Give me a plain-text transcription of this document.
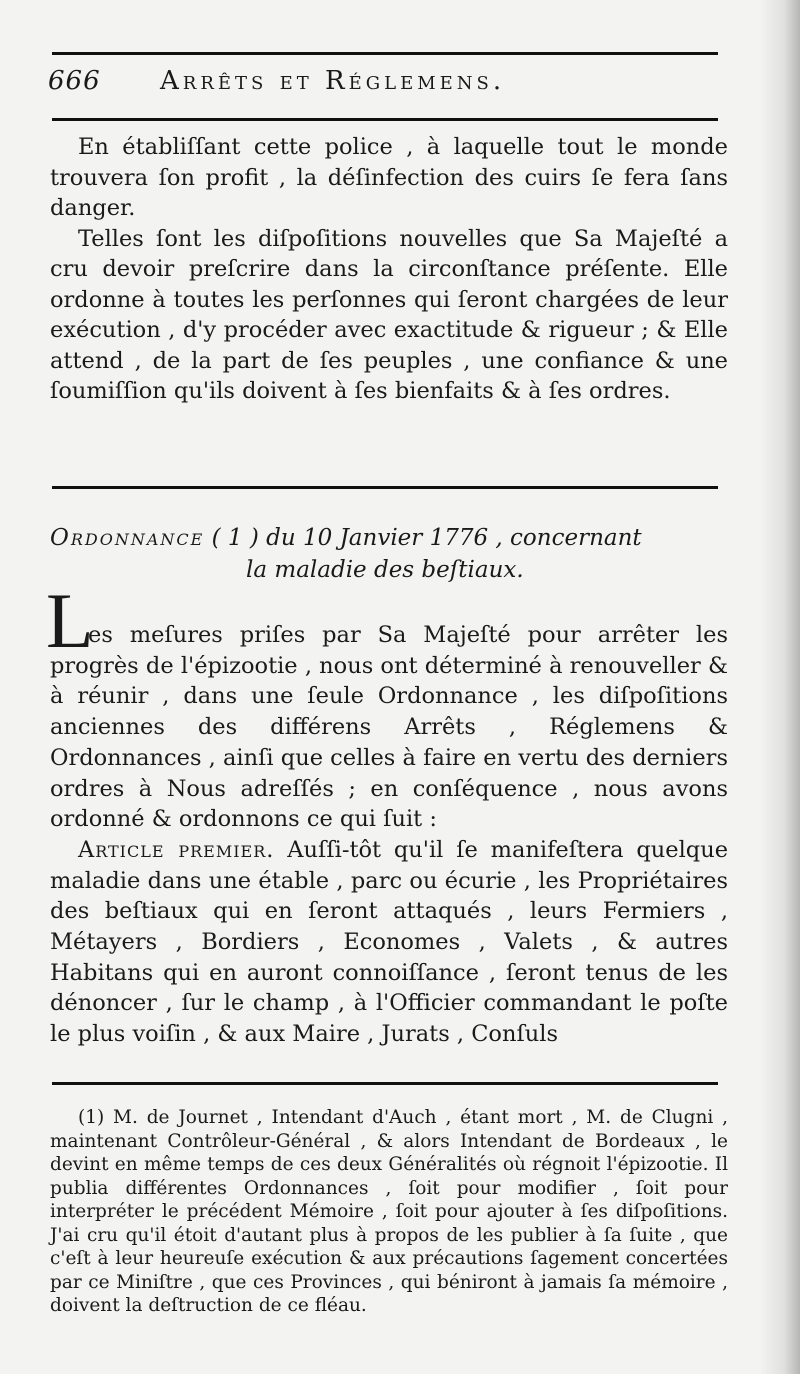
666 Arrêts et Réglemens.

En établiſſant cette police , à laquelle tout le monde trouvera ſon profit , la déſinfection des cuirs ſe fera ſans danger.

Telles ſont les diſpoſitions nouvelles que Sa Majeſté a cru devoir preſcrire dans la circonſtance préſente. Elle ordonne à toutes les perſonnes qui ſeront chargées de leur exécution , d'y procéder avec exactitude & rigueur ; & Elle attend , de la part de ſes peuples , une confiance & une ſoumiſſion qu'ils doivent à ſes bienfaits & à ſes ordres.

Ordonnance ( 1 ) du 10 Janvier 1776 , concernant
la maladie des beſtiaux.
L

es meſures priſes par Sa Majeſté pour arrêter les progrès de l'épizootie , nous ont déterminé à renouveller & à réunir , dans une ſeule Ordonnance , les diſpoſitions anciennes des différens Arrêts , Réglemens & Ordonnances , ainſi que celles à faire en vertu des derniers ordres à Nous adreſſés ; en conſéquence , nous avons ordonné & ordonnons ce qui ſuit :

Article premier. Auſſi-tôt qu'il ſe manifeſtera quelque maladie dans une étable , parc ou écurie , les Propriétaires des beſtiaux qui en ſeront attaqués , leurs Fermiers , Métayers , Bordiers , Economes , Valets , & autres Habitans qui en auront connoiſſance , ſeront tenus de les dénoncer , ſur le champ , à l'Officier commandant le poſte le plus voiſin , & aux Maire , Jurats , Conſuls

(1) M. de Journet , Intendant d'Auch , étant mort , M. de Clugni , maintenant Contrôleur-Général , & alors Intendant de Bordeaux , le devint en même temps de ces deux Généralités où régnoit l'épizootie. Il publia différentes Ordonnances , ſoit pour modifier , ſoit pour interpréter le précédent Mémoire , ſoit pour ajouter à ſes diſpoſitions. J'ai cru qu'il étoit d'autant plus à propos de les publier à ſa ſuite , que c'eſt à leur heureuſe exécution & aux précautions ſagement concertées par ce Miniſtre , que ces Provinces , qui béniront à jamais ſa mémoire , doivent la deſtruction de ce fléau.
